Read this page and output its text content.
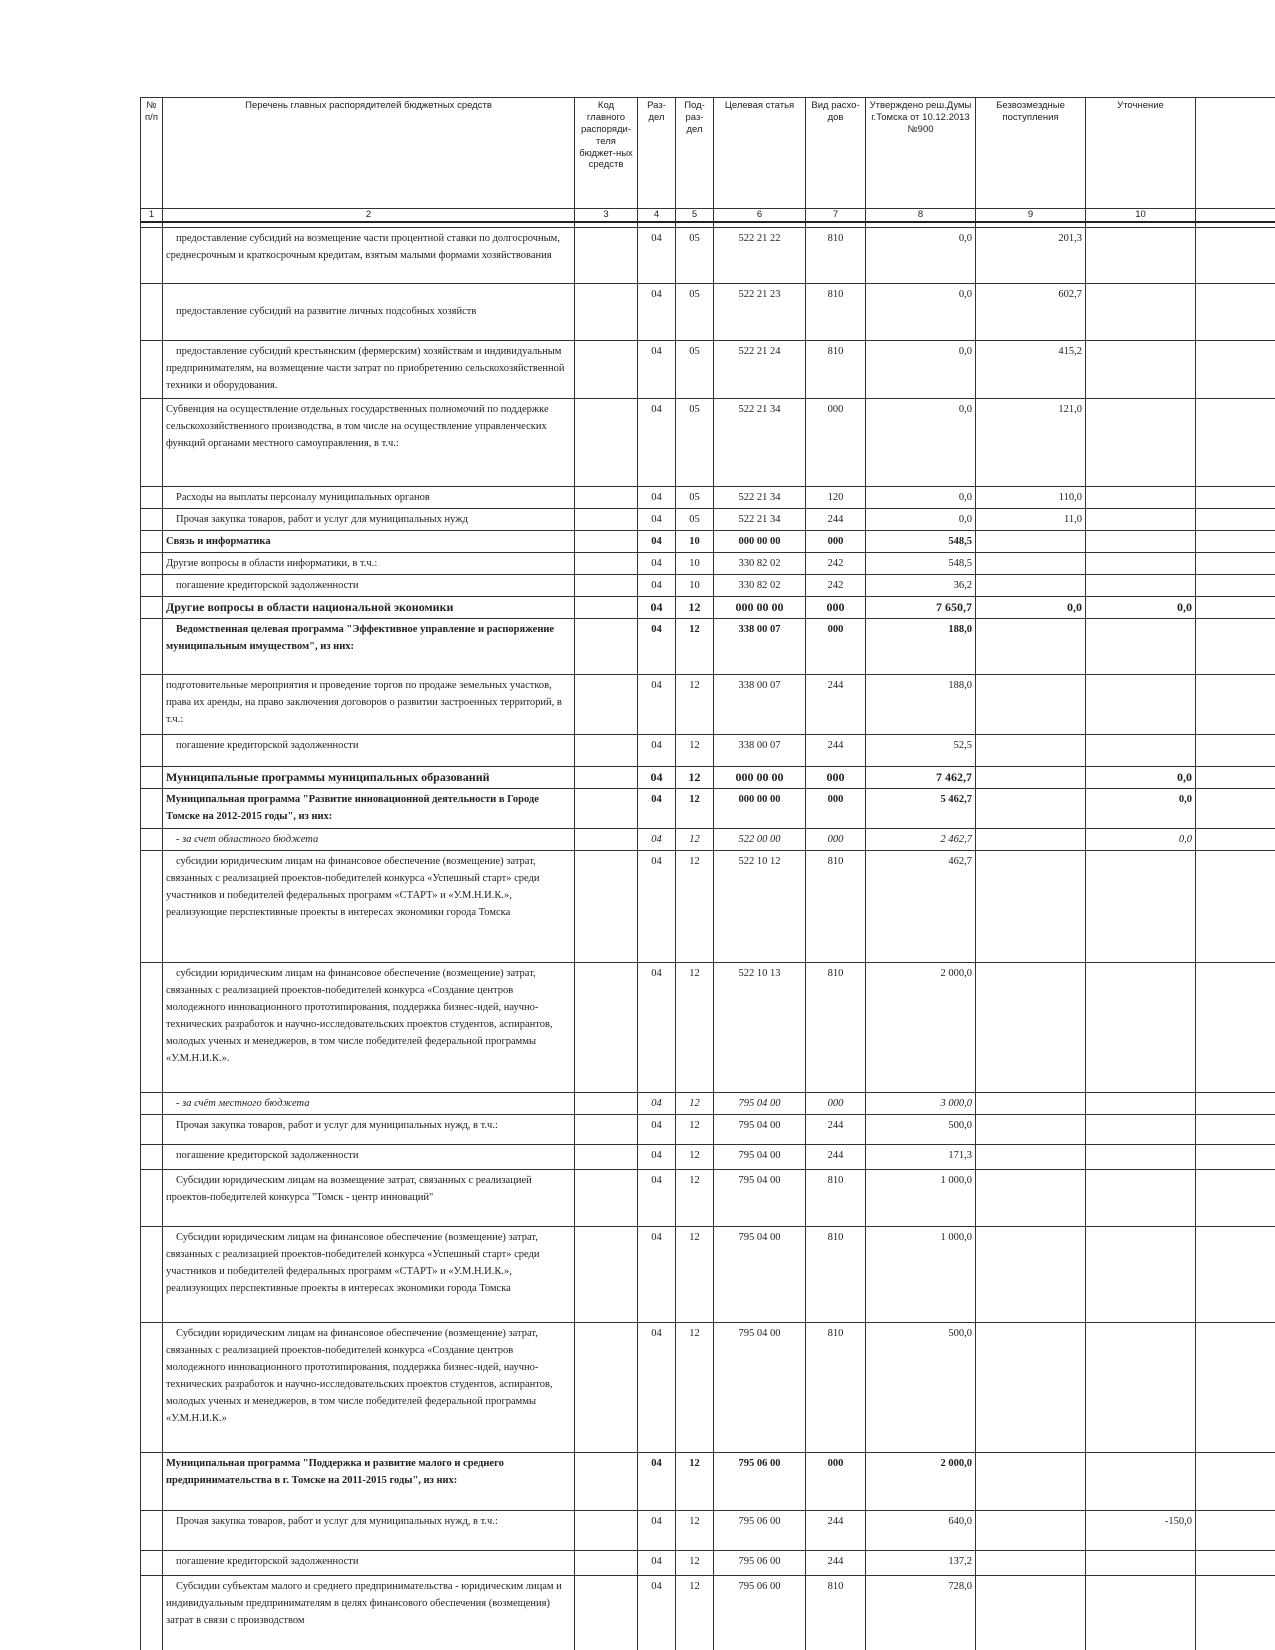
№ п/п	Перечень главных распорядителей бюджетных средств	Код главного распоряди-теля бюджет-ных средств	Раз-дел	Под-раз-дел	Целевая статья	Вид расхо-дов	Утверждено реш.Думы г.Томска от 10.12.2013 №900	Безвозмездные поступления	Уточнение	
1	2	3	4	5	6	7	8	9	10	

	предоставление субсидий на возмещение части процентной ставки по долгосрочным, среднесрочным и краткосрочным кредитам, взятым малыми формами хозяйствования		04	05	522 21 22	810	0,0	201,3		
	предоставление субсидий на развитие личных подсобных хозяйств		04	05	522 21 23	810	0,0	602,7		
	предоставление субсидий крестьянским (фермерским) хозяйствам и индивидуальным предпринимателям, на возмещение части затрат по приобретению сельскохозяйственной техники и оборудования.		04	05	522 21 24	810	0,0	415,2		
	Субвенция на осуществление отдельных государственных полномочий по поддержке сельскохозяйственного производства, в том числе на осуществление управленческих функций органами местного самоуправления, в т.ч.:		04	05	522 21 34	000	0,0	121,0		
	Расходы на выплаты персоналу муниципальных органов		04	05	522 21 34	120	0,0	110,0		
	Прочая закупка товаров, работ и услуг для муниципальных нужд		04	05	522 21 34	244	0,0	11,0		
	Связь и информатика		04	10	000 00 00	000	548,5			
	Другие вопросы в области информатики, в т.ч.:		04	10	330 82 02	242	548,5			
	погашение кредиторской задолженности		04	10	330 82 02	242	36,2			
	Другие вопросы в области национальной экономики		04	12	000 00 00	000	7 650,7	0,0	0,0	
	Ведомственная целевая программа "Эффективное управление и распоряжение муниципальным имуществом", из них:		04	12	338 00 07	000	188,0			
	подготовительные мероприятия и проведение торгов по продаже земельных участков, права их аренды, на право заключения договоров о развитии застроенных территорий, в т.ч.:		04	12	338 00 07	244	188,0			
	погашение кредиторской задолженности		04	12	338 00 07	244	52,5			
	Муниципальные программы муниципальных образований		04	12	000 00 00	000	7 462,7		0,0	
	Муниципальная программа "Развитие инновационной деятельности в Городе Томске на 2012-2015 годы", из них:		04	12	000 00 00	000	5 462,7		0,0	
	- за счет областного бюджета		04	12	522 00 00	000	2 462,7		0,0	
	субсидии юридическим лицам на финансовое обеспечение (возмещение) затрат, связанных с реализацией проектов-победителей конкурса «Успешный старт» среди участников и победителей федеральных программ «СТАРТ» и «У.М.Н.И.К.», реализующие перспективные проекты в интересах экономики города Томска		04	12	522 10 12	810	462,7			
	субсидии юридическим лицам на финансовое обеспечение (возмещение) затрат, связанных с реализацией проектов-победителей конкурса «Создание центров молодежного инновационного прототипирования, поддержка бизнес-идей, научно-технических разработок и научно-исследовательских проектов студентов, аспирантов, молодых ученых и менеджеров, в том числе победителей федеральной программы «У.М.Н.И.К.».		04	12	522 10 13	810	2 000,0			
	- за счёт местного бюджета		04	12	795 04 00	000	3 000,0			
	Прочая закупка товаров, работ и услуг для муниципальных нужд, в т.ч.:		04	12	795 04 00	244	500,0			
	погашение кредиторской задолженности		04	12	795 04 00	244	171,3			
	Субсидии юридическим лицам на возмещение затрат, связанных с реализацией проектов-победителей конкурса "Томск - центр инноваций"		04	12	795 04 00	810	1 000,0			
	Субсидии юридическим лицам на финансовое обеспечение (возмещение) затрат, связанных с реализацией проектов-победителей конкурса «Успешный старт» среди участников и победителей федеральных программ «СТАРТ» и «У.М.Н.И.К.», реализующих перспективные проекты в интересах экономики города Томска		04	12	795 04 00	810	1 000,0			
	Субсидии юридическим лицам на финансовое обеспечение (возмещение) затрат, связанных с реализацией проектов-победителей конкурса «Создание центров молодежного инновационного прототипирования, поддержка бизнес-идей, научно-технических разработок и научно-исследовательских проектов студентов, аспирантов, молодых ученых и менеджеров, в том числе победителей федеральной программы «У.М.Н.И.К.»		04	12	795 04 00	810	500,0			
	Муниципальная программа "Поддержка и развитие малого и среднего предпринимательства в г. Томске на 2011-2015 годы", из них:		04	12	795 06 00	000	2 000,0			
	Прочая закупка товаров, работ и услуг для муниципальных нужд, в т.ч.:		04	12	795 06 00	244	640,0		-150,0	
	погашение кредиторской задолженности		04	12	795 06 00	244	137,2			
	Субсидии субъектам малого и среднего предпринимательства - юридическим лицам и индивидуальным предпринимателям в целях финансового обеспечения (возмещения) затрат в связи с производством		04	12	795 06 00	810	728,0			
